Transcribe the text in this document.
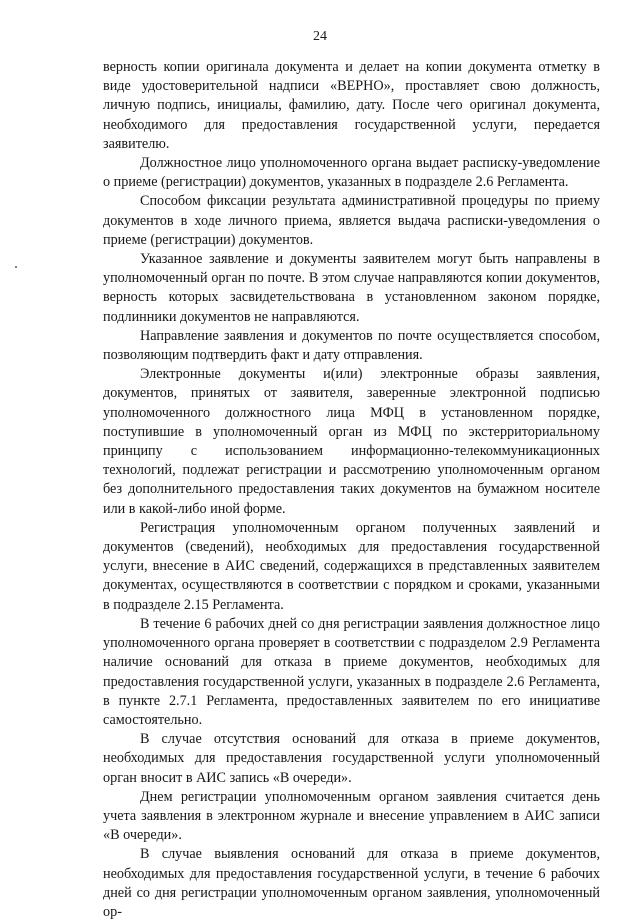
24

верность копии оригинала документа и делает на копии документа отметку в виде удостоверительной надписи «ВЕРНО», проставляет свою должность, личную подпись, инициалы, фамилию, дату. После чего оригинал документа, необходимого для предоставления государственной услуги, передается заявителю.

Должностное лицо уполномоченного органа выдает расписку-уведомление о приеме (регистрации) документов, указанных в подразделе 2.6 Регламента.

Способом фиксации результата административной процедуры по приему документов в ходе личного приема, является выдача расписки-уведомления о приеме (регистрации) документов.

Указанное заявление и документы заявителем могут быть направлены в уполномоченный орган по почте. В этом случае направляются копии документов, верность которых засвидетельствована в установленном законом порядке, подлинники документов не направляются.

Направление заявления и документов по почте осуществляется способом, позволяющим подтвердить факт и дату отправления.

Электронные документы и(или) электронные образы заявления, документов, принятых от заявителя, заверенные электронной подписью уполномоченного должностного лица МФЦ в установленном порядке, поступившие в уполномоченный орган из МФЦ по экстерриториальному принципу с использованием информационно-телекоммуникационных технологий, подлежат регистрации и рассмотрению уполномоченным органом без дополнительного предоставления таких документов на бумажном носителе или в какой-либо иной форме.

Регистрация уполномоченным органом полученных заявлений и документов (сведений), необходимых для предоставления государственной услуги, внесение в АИС сведений, содержащихся в представленных заявителем документах, осуществляются в соответствии с порядком и сроками, указанными в подразделе 2.15 Регламента.

В течение 6 рабочих дней со дня регистрации заявления должностное лицо уполномоченного органа проверяет в соответствии с подразделом 2.9 Регламента наличие оснований для отказа в приеме документов, необходимых для предоставления государственной услуги, указанных в подразделе 2.6 Регламента, в пункте 2.7.1 Регламента, предоставленных заявителем по его инициативе самостоятельно.

В случае отсутствия оснований для отказа в приеме документов, необходимых для предоставления государственной услуги уполномоченный орган вносит в АИС запись «В очереди».

Днем регистрации уполномоченным органом заявления считается день учета заявления в электронном журнале и внесение управлением в АИС записи «В очереди».

В случае выявления оснований для отказа в приеме документов, необходимых для предоставления государственной услуги, в течение 6 рабочих дней со дня регистрации уполномоченным органом заявления, уполномоченный ор-
